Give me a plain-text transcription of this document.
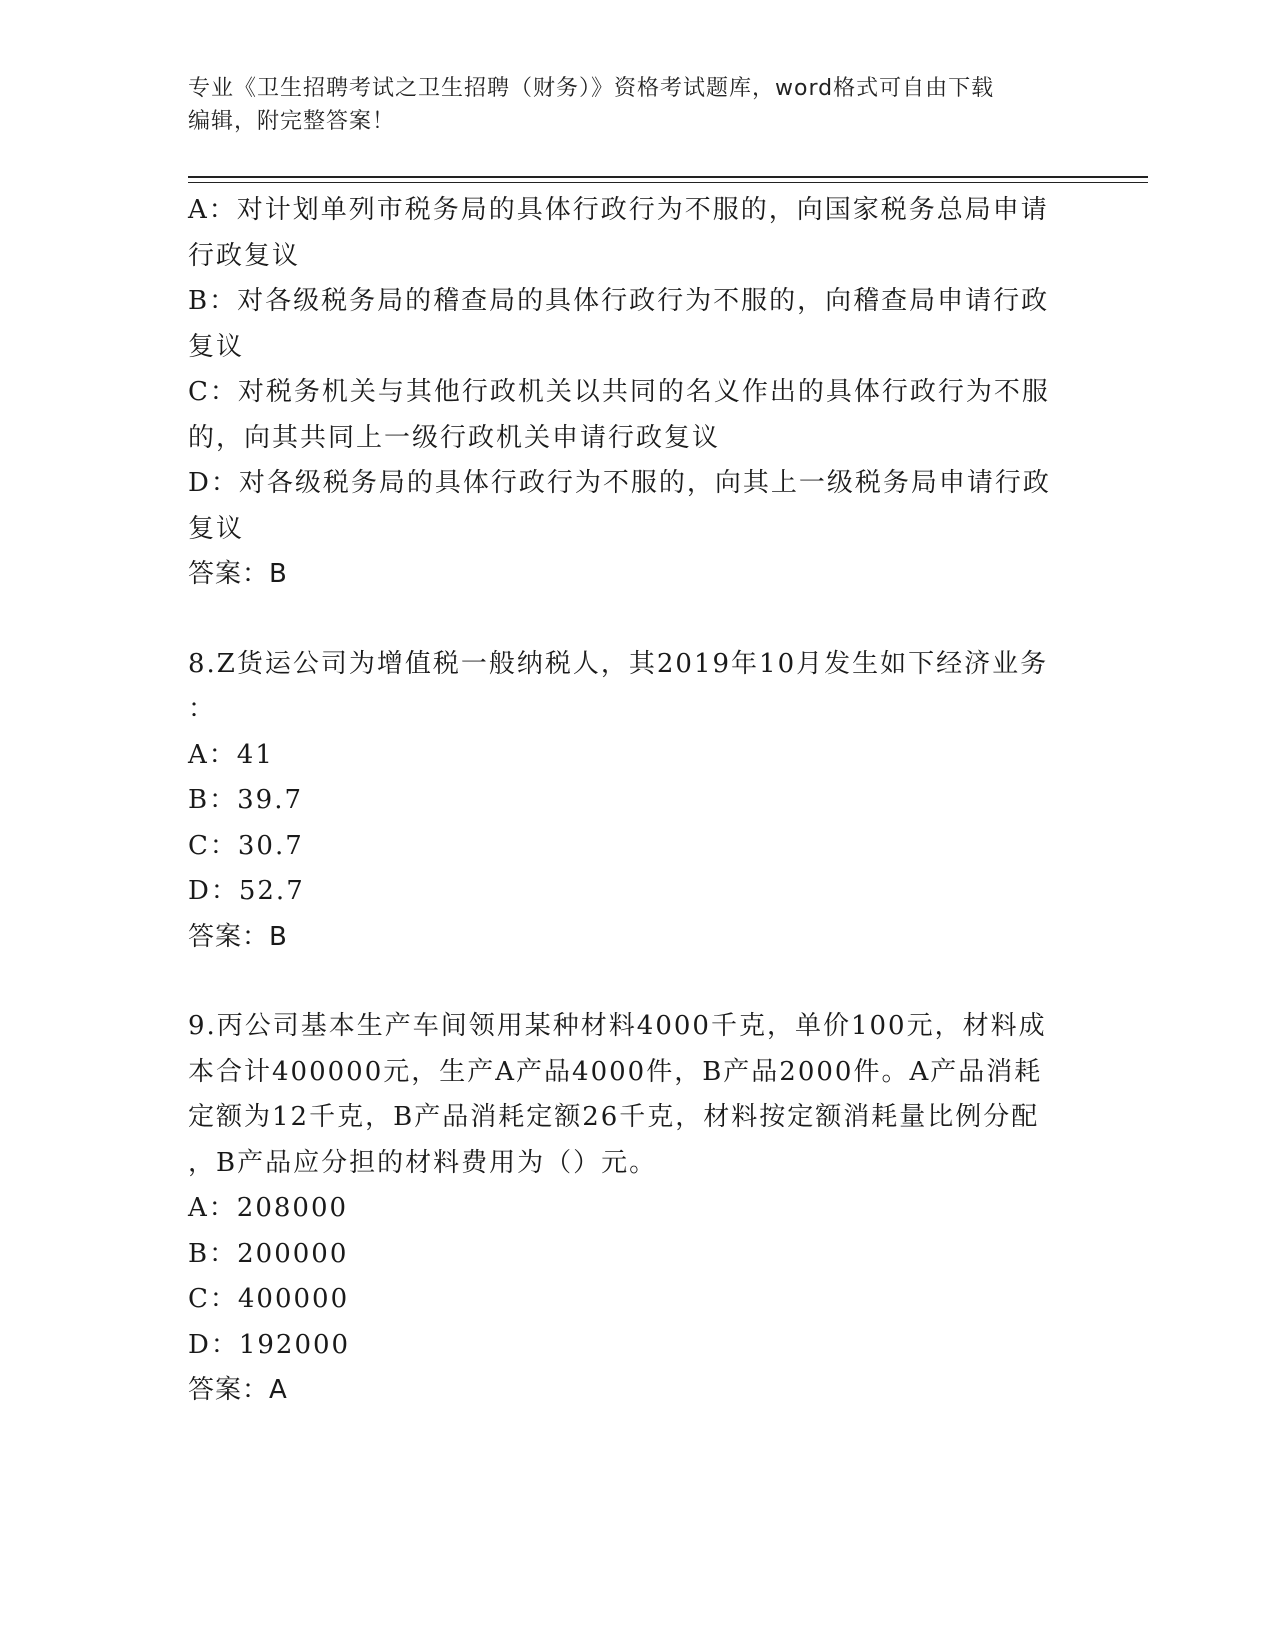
专业《卫生招聘考试之卫生招聘（财务）》资格考试题库，word格式可自由下载
编辑，附完整答案！
A：对计划单列市税务局的具体行政行为不服的，向国家税务总局申请
行政复议
B：对各级税务局的稽查局的具体行政行为不服的，向稽查局申请行政
复议
C：对税务机关与其他行政机关以共同的名义作出的具体行政行为不服
的，向其共同上一级行政机关申请行政复议
D：对各级税务局的具体行政行为不服的，向其上一级税务局申请行政
复议
答案：B
8.Z货运公司为增值税一般纳税人，其2019年10月发生如下经济业务
：
A：41
B：39.7
C：30.7
D：52.7
答案：B
9.丙公司基本生产车间领用某种材料4000千克，单价100元，材料成
本合计400000元，生产A产品4000件，B产品2000件。A产品消耗
定额为12千克，B产品消耗定额26千克，材料按定额消耗量比例分配
，B产品应分担的材料费用为（）元。
A：208000
B：200000
C：400000
D：192000
答案：A
